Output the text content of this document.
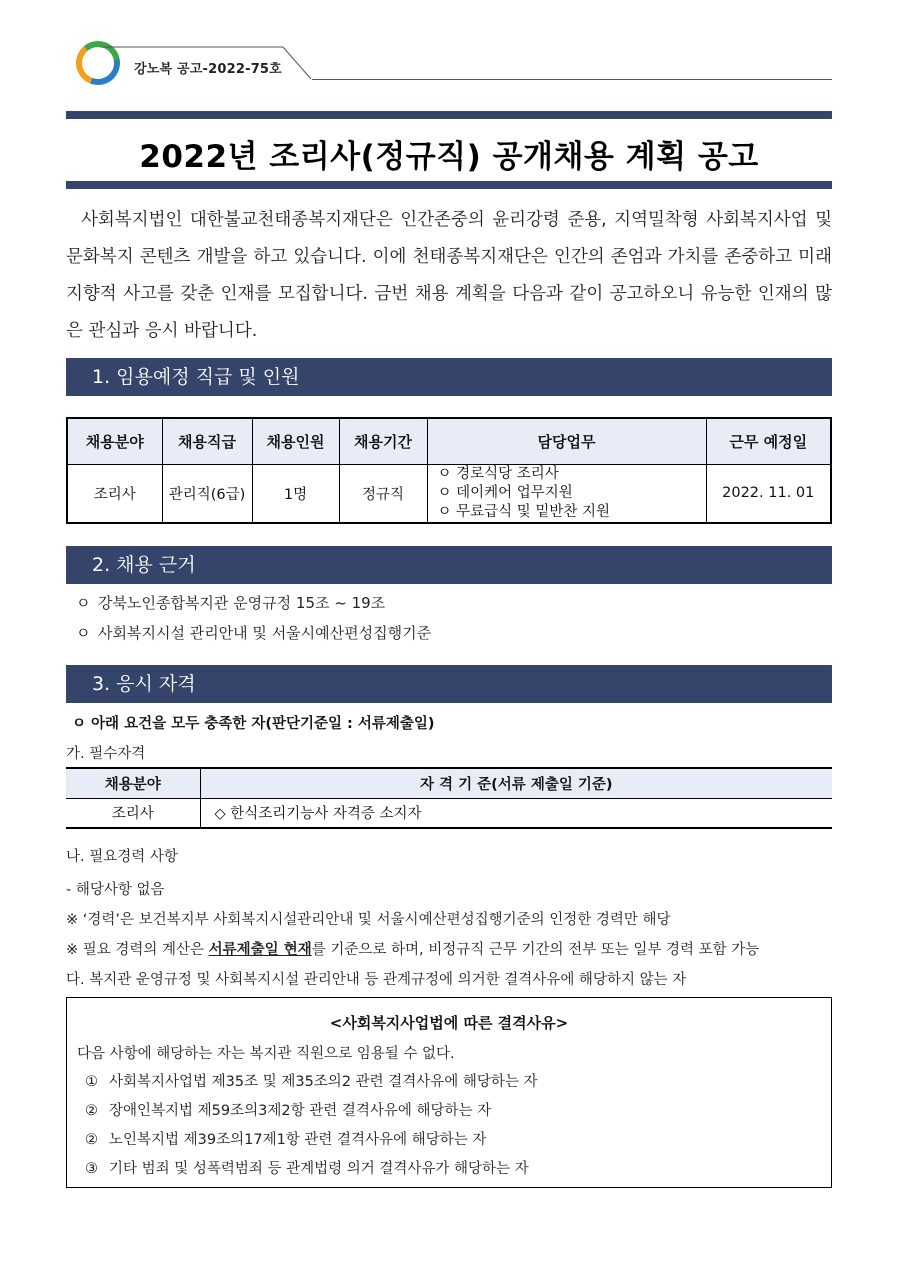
강노복 공고-2022-75호
2022년 조리사(정규직) 공개채용 계획 공고
사회복지법인 대한불교천태종복지재단은 인간존중의 윤리강령 준용, 지역밀착형 사회복지사업 및 문화복지 콘텐츠 개발을 하고 있습니다. 이에 천태종복지재단은 인간의 존엄과 가치를 존중하고 미래지향적 사고를 갖춘 인재를 모집합니다. 금번 채용 계획을 다음과 같이 공고하오니 유능한 인재의 많은 관심과 응시 바랍니다.
1. 임용예정 직급 및 인원
채용분야	채용직급	채용인원	채용기간	담당업무	근무 예정일
조리사	관리직(6급)	1명	정규직	ㅇ 경로식당 조리사
ㅇ 데이케어 업무지원
ㅇ 무료급식 및 밑반찬 지원	2022. 11. 01
2. 채용 근거
ㅇ 강북노인종합복지관 운영규정 15조 ~ 19조
ㅇ 사회복지시설 관리안내 및 서울시예산편성집행기준
3. 응시 자격
ㅇ 아래 요건을 모두 충족한 자(판단기준일 : 서류제출일)
가. 필수자격
채용분야	자 격 기 준(서류 제출일 기준)
조리사	◇ 한식조리기능사 자격증 소지자
나. 필요경력 사항
- 해당사항 없음
※ ‘경력’은 보건복지부 사회복지시설관리안내 및 서울시예산편성집행기준의 인정한 경력만 해당
※ 필요 경력의 계산은 서류제출일 현재를 기준으로 하며, 비정규직 근무 기간의 전부 또는 일부 경력 포함 가능
다. 복지관 운영규정 및 사회복지시설 관리안내 등 관계규정에 의거한 결격사유에 해당하지 않는 자
<사회복지사업법에 따른 결격사유>
다음 사항에 해당하는 자는 복지관 직원으로 임용될 수 없다.
① 사회복지사업법 제35조 및 제35조의2 관련 결격사유에 해당하는 자
② 장애인복지법 제59조의3제2항 관련 결격사유에 해당하는 자
② 노인복지법 제39조의17제1항 관련 결격사유에 해당하는 자
③ 기타 범죄 및 성폭력범죄 등 관계법령 의거 결격사유가 해당하는 자
